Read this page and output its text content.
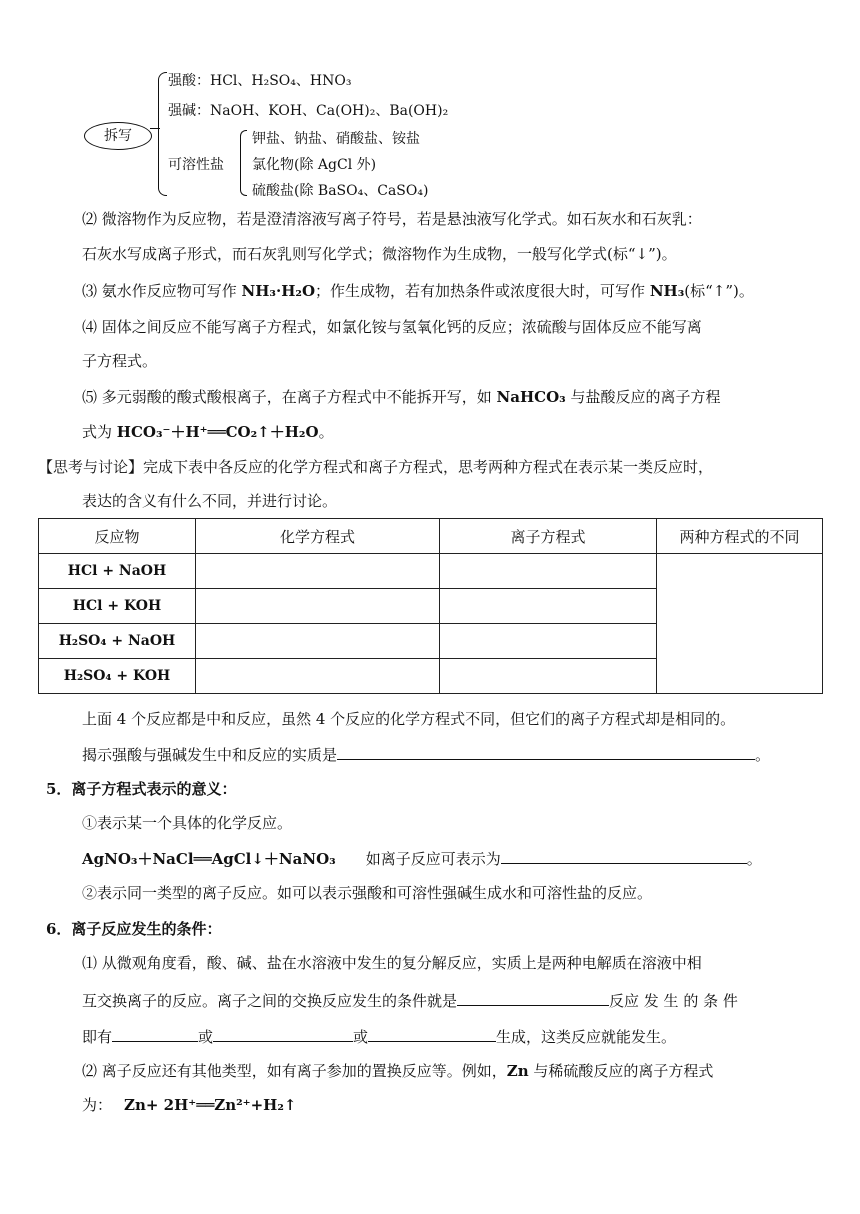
拆写
强酸：HCl、H₂SO₄、HNO₃
强碱：NaOH、KOH、Ca(OH)₂、Ba(OH)₂
可溶性盐
钾盐、钠盐、硝酸盐、铵盐
氯化物(除 AgCl 外)
硫酸盐(除 BaSO₄、CaSO₄)
⑵ 微溶物作为反应物，若是澄清溶液写离子符号，若是悬浊液写化学式。如石灰水和石灰乳：
石灰水写成离子形式，而石灰乳则写化学式；微溶物作为生成物，一般写化学式(标“↓”)。
⑶ 氨水作反应物可写作 NH₃·H₂O；作生成物，若有加热条件或浓度很大时，可写作 NH₃(标“↑”)。
⑷ 固体之间反应不能写离子方程式，如氯化铵与氢氧化钙的反应；浓硫酸与固体反应不能写离
子方程式。
⑸ 多元弱酸的酸式酸根离子，在离子方程式中不能拆开写，如 NaHCO₃ 与盐酸反应的离子方程
式为 HCO₃⁻＋H⁺══CO₂↑＋H₂O。
【思考与讨论】完成下表中各反应的化学方程式和离子方程式，思考两种方程式在表示某一类反应时，
表达的含义有什么不同，并进行讨论。
反应物	化学方程式	离子方程式	两种方程式的不同
HCl + NaOH			
HCl + KOH			
H₂SO₄ + NaOH			
H₂SO₄ + KOH			
上面 4 个反应都是中和反应，虽然 4 个反应的化学方程式不同，但它们的离子方程式却是相同的。
揭示强酸与强碱发生中和反应的实质是	。
5．离子方程式表示的意义：
①表示某一个具体的化学反应。
AgNO₃＋NaCl══AgCl↓＋NaNO₃ 如离子反应可表示为	。
②表示同一类型的离子反应。如可以表示强酸和可溶性强碱生成水和可溶性盐的反应。
6．离子反应发生的条件：
⑴ 从微观角度看，酸、碱、盐在水溶液中发生的复分解反应，实质上是两种电解质在溶液中相
互交换离子的反应。离子之间的交换反应发生的条件就是	反应 发 生 的 条 件
即有	或	或	生成，这类反应就能发生。
⑵ 离子反应还有其他类型，如有离子参加的置换反应等。例如，Zn 与稀硫酸反应的离子方程式
为： Zn+ 2H⁺══Zn²⁺+H₂↑
